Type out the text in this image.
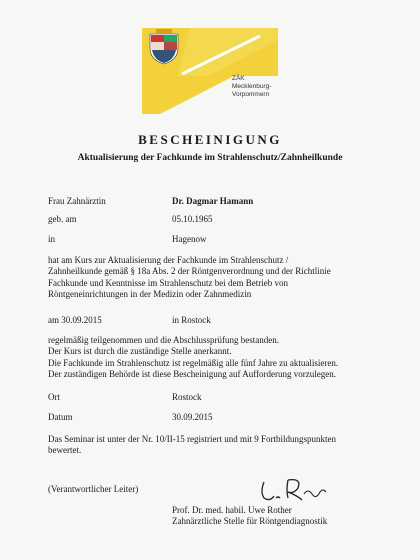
ZÄK
Mecklenburg-
Vorpommern
BESCHEINIGUNG
Aktualisierung der Fachkunde im Strahlenschutz/Zahnheilkunde
Frau Zahnärztin	Dr. Dagmar Hamann
geb. am	05.10.1965
in	Hagenow
hat am Kurs zur Aktualisierung der Fachkunde im Strahlenschutz /
Zahnheilkunde gemäß § 18a Abs. 2 der Röntgenverordnung und der Richtlinie
Fachkunde und Kenntnisse im Strahlenschutz bei dem Betrieb von
Röntgeneinrichtungen in der Medizin oder Zahnmedizin
am 30.09.2015	in Rostock
regelmäßig teilgenommen und die Abschlussprüfung bestanden.
Der Kurs ist durch die zuständige Stelle anerkannt.
Die Fachkunde im Strahlenschutz ist regelmäßig alle fünf Jahre zu aktualisieren.
Der zuständigen Behörde ist diese Bescheinigung auf Aufforderung vorzulegen.
Ort	Rostock
Datum	30.09.2015
Das Seminar ist unter der Nr. 10/II-15 registriert und mit 9 Fortbildungspunkten
bewertet.
(Verantwortlicher Leiter)
Prof. Dr. med. habil. Uwe Rother
Zahnärztliche Stelle für Röntgendiagnostik
